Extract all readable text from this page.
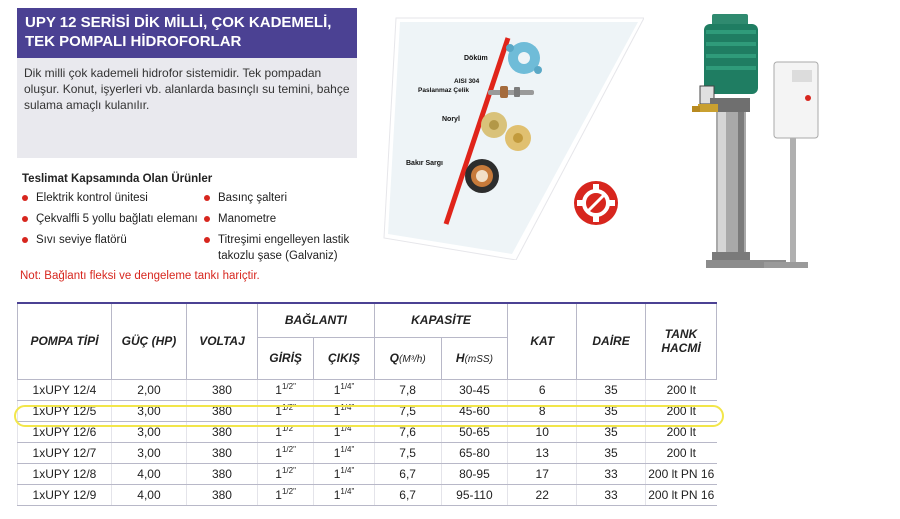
UPY 12 SERİSİ DİK MİLLİ, ÇOK KADEMELİ,
TEK POMPALI HİDROFORLAR
Dik milli çok kademeli hidrofor sistemidir. Tek pompadan oluşur. Konut, işyerleri vb. alanlarda basınçlı su temini, bahçe sulama amaçlı kulanılır.
Teslimat Kapsamında Olan Ürünler
Elektrik kontrol ünitesi
Çekvalfli 5 yollu bağlatı elemanı
Sıvı seviye flatörü
Basınç şalteri
Manometre
Titreşimi engelleyen lastik takozlu şase (Galvaniz)
Not: Bağlantı fleksi ve dengeleme tankı hariçtir.
Döküm
AISI 304
Paslanmaz Çelik
Noryl
Bakır Sargı
POMPA TİPİ	GÜÇ (HP)	VOLTAJ	BAĞLANTI		KAPASİTE		KAT	DAİRE	TANK HACMİ
			GİRİŞ	ÇIKIŞ	Q(M³/h)	H(mSS)			
1xUPY 12/4	2,00	380	$1^{1/2"}$	$1^{1/4"}$	7,8	30-45	6	35	200 lt
1xUPY 12/5	3,00	380	$1^{1/2"}$	$1^{1/4"}$	7,5	45-60	8	35	200 lt
1xUPY 12/6	3,00	380	$1^{1/2"}$	$1^{1/4"}$	7,6	50-65	10	35	200 lt
1xUPY 12/7	3,00	380	$1^{1/2"}$	$1^{1/4"}$	7,5	65-80	13	35	200 lt
1xUPY 12/8	4,00	380	$1^{1/2"}$	$1^{1/4"}$	6,7	80-95	17	33	200 lt PN 16
1xUPY 12/9	4,00	380	$1^{1/2"}$	$1^{1/4"}$	6,7	95-110	22	33	200 lt PN 16
